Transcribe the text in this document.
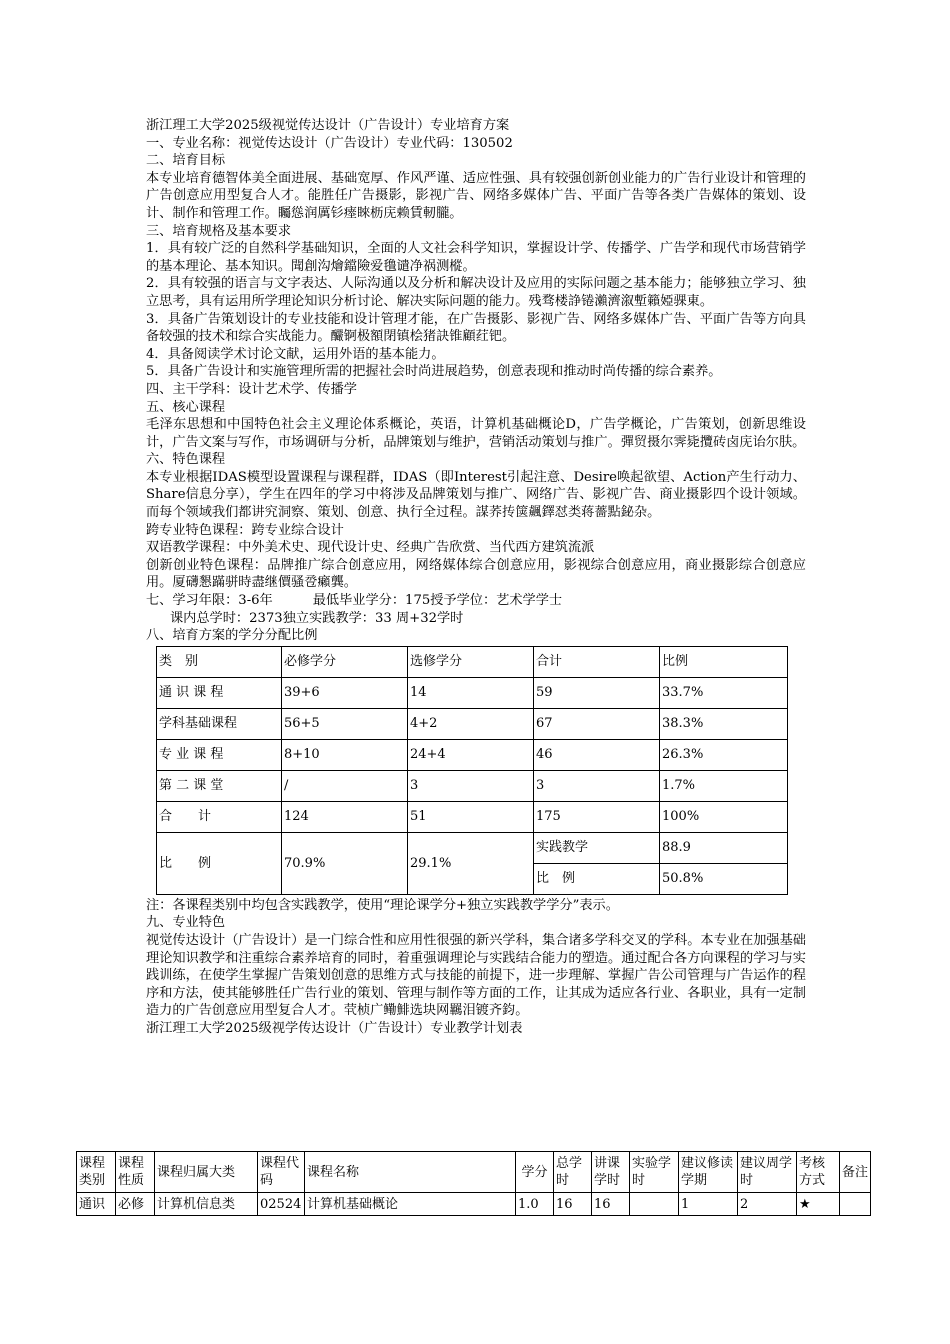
浙江理工大学2025级视觉传达设计（广告设计）专业培育方案

一、专业名称：视觉传达设计（广告设计）专业代码：130502

二、培育目标

本专业培育德智体美全面进展、基础宽厚、作风严谨、适应性强、具有较强创新创业能力的广告行业设计和管理的广告创意应用型复合人才。能胜任广告摄影，影视广告、网络多媒体广告、平面广告等各类广告媒体的策划、设计、制作和管理工作。矚慫润厲钐瘗睞枥庑赖賃軔朧。

三、培育规格及基本要求

1．具有较广泛的自然科学基础知识，全面的人文社会科学知识，掌握设计学、传播学、广告学和现代市场营销学的基本理论、基本知识。聞創沟燴鐺險爱氇谴净祸测樅。

2．具有较强的语言与文字表达、人际沟通以及分析和解决设计及应用的实际问题之基本能力；能够独立学习、独立思考，具有运用所学理论知识分析讨论、解决实际问题的能力。残骛楼諍锩瀨濟溆塹籟婭骒東。

3．具备广告策划设计的专业技能和设计管理才能，在广告摄影、影视广告、网络多媒体广告、平面广告等方向具备较强的技术和综合实战能力。釅锕极額閉镇桧猪訣锥顧荭钯。

4．具备阅读学术讨论文献，运用外语的基本能力。

5．具备广告设计和实施管理所需的把握社会时尚进展趋势，创意表现和推动时尚传播的综合素养。

四、主干学科：设计艺术学、传播学

五、核心课程

毛泽东思想和中国特色社会主义理论体系概论，英语，计算机基础概论D，广告学概论，广告策划，创新思维设计，广告文案与写作，市场调研与分析，品牌策划与维护，营销活动策划与推广。彈贸摄尔霁毙攬砖卤庑诒尔肤。

六、特色课程

本专业根据IDAS模型设置课程与课程群，IDAS（即Interest引起注意、Desire唤起欲望、Action产生行动力、Share信息分享），学生在四年的学习中将涉及品牌策划与推广、网络广告、影视广告、商业摄影四个设计领域。而每个领域我们都讲究洞察、策划、创意、执行全过程。謀荞抟箧飆鐸怼类蒋薔點鉍杂。

跨专业特色课程：跨专业综合设计

双语教学课程：中外美术史、现代设计史、经典广告欣赏、当代西方建筑流派

创新创业特色课程：品牌推广综合创意应用，网络媒体综合创意应用，影视综合创意应用，商业摄影综合创意应用。厦礴懇蹣骈時盡继價骚卺癩龔。

七、学习年限：3-6年	最低毕业学分：175授予学位：艺术学学士

课内总学时：2373独立实践教学：33 周+32学时

八、培育方案的学分分配比例

类　别	必修学分	选修学分	合计	比例
通 识 课 程	39+6	14	59	33.7%
学科基础课程	56+5	4+2	67	38.3%
专 业 课 程	8+10	24+4	46	26.3%
第 二 课 堂	/	3	3	1.7%
合　　计	124	51	175	100%
比　　例	70.9%	29.1%	实践教学	88.9
			比　例	50.8%

注：各课程类别中均包含实践教学，使用“理论课学分+独立实践教学学分”表示。

九、专业特色

视觉传达设计（广告设计）是一门综合性和应用性很强的新兴学科，集合诸多学科交叉的学科。本专业在加强基础理论知识教学和注重综合素养培育的同时，着重强调理论与实践结合能力的塑造。通过配合各方向课程的学习与实践训练，在使学生掌握广告策划创意的思维方式与技能的前提下，进一步理解、掌握广告公司管理与广告运作的程序和方法，使其能够胜任广告行业的策划、管理与制作等方面的工作，让其成为适应各行业、各职业，具有一定制造力的广告创意应用型复合人才。茕桢广鳓鯡选块网羈泪镀齐鈞。

浙江理工大学2025级视学传达设计（广告设计）专业教学计划表

课程类别	课程性质	课程归属大类	课程代码	课程名称	学分	总学时	讲课学时	实验学时	建议修读学期	建议周学时	考核方式	备注
通识	必修	计算机信息类	02524	计算机基础概论	1.0	16	16		1	2	★	
